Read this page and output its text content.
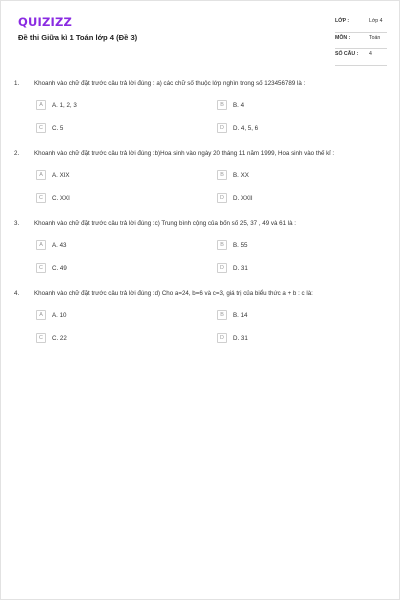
QUIZIZZ
Đề thi Giữa kì 1 Toán lớp 4 (Đề 3)
LỚP :	Lớp 4
MÔN :	Toán
SỐ CÂU : 4
1. Khoanh vào chữ đặt trước câu trả lời đúng : a) các chữ số thuộc lớp nghìn trong số 123456789 là :
A	A. 1, 2, 3	B	B. 4
C	C. 5	D	D. 4, 5, 6
2. Khoanh vào chữ đặt trước câu trả lời đúng :b)Hoa sinh vào ngày 20 tháng 11 năm 1999, Hoa sinh vào thế kỉ :
A	A. XIX	B	B. XX
C	C. XXI	D	D. XXII
3. Khoanh vào chữ đặt trước câu trả lời đúng :c) Trung bình cộng của bốn số 25, 37 , 49 và 61 là :
A	A. 43	B	B. 55
C	C. 49	D	D. 31
4. Khoanh vào chữ đặt trước câu trả lời đúng :d) Cho a=24, b=6 và c=3, giá trị của biểu thức a + b : c là:
A	A. 10	B	B. 14
C	C. 22	D	D. 31
